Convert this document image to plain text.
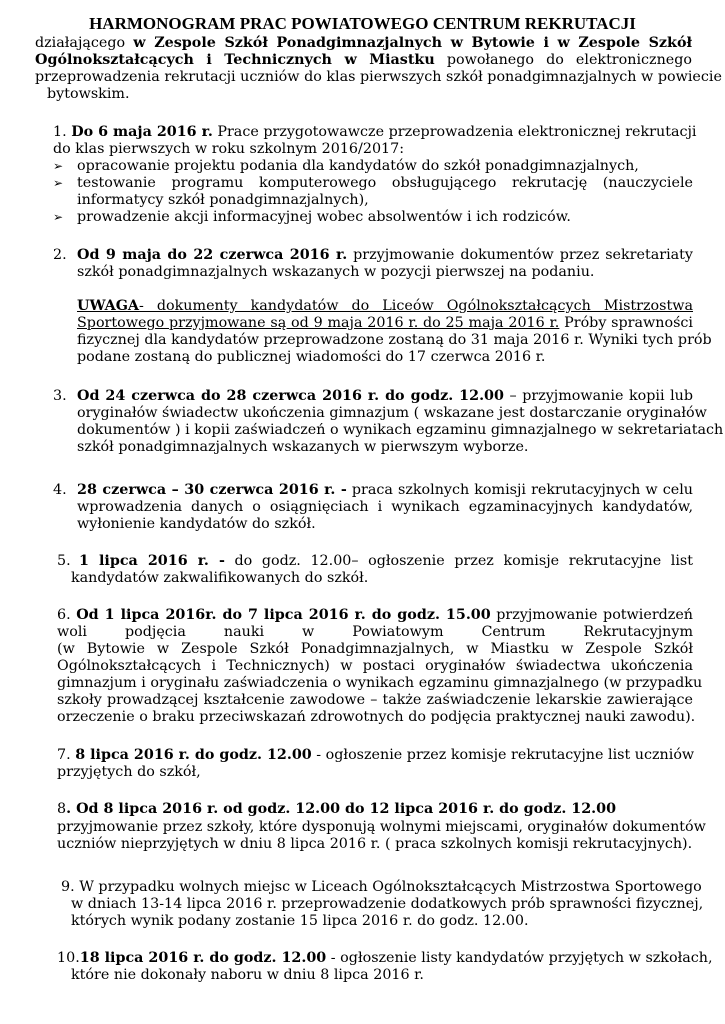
HARMONOGRAM PRAC POWIATOWEGO CENTRUM REKRUTACJI
działającego w Zespole Szkół Ponadgimnazjalnych w Bytowie i w Zespole Szkół
Ogólnokształcących i Technicznych w Miastku powołanego do elektronicznego
przeprowadzenia rekrutacji uczniów do klas pierwszych szkół ponadgimnazjalnych w powiecie
bytowskim.
1. Do 6 maja 2016 r. Prace przygotowawcze przeprowadzenia elektronicznej rekrutacji
do klas pierwszych w roku szkolnym 2016/2017:
➢ opracowanie projektu podania dla kandydatów do szkół ponadgimnazjalnych,
➢ testowanie programu komputerowego obsługującego rekrutację (nauczyciele
informatycy szkół ponadgimnazjalnych),
➢ prowadzenie akcji informacyjnej wobec absolwentów i ich rodziców.
2. Od 9 maja do 22 czerwca 2016 r. przyjmowanie dokumentów przez sekretariaty
szkół ponadgimnazjalnych wskazanych w pozycji pierwszej na podaniu.
UWAGA- dokumenty kandydatów do Liceów Ogólnokształcących Mistrzostwa
Sportowego przyjmowane są od 9 maja 2016 r. do 25 maja 2016 r. Próby sprawności
fizycznej dla kandydatów przeprowadzone zostaną do 31 maja 2016 r. Wyniki tych prób
podane zostaną do publicznej wiadomości do 17 czerwca 2016 r.
3. Od 24 czerwca do 28 czerwca 2016 r. do godz. 12.00 – przyjmowanie kopii lub
oryginałów świadectw ukończenia gimnazjum ( wskazane jest dostarczanie oryginałów
dokumentów ) i kopii zaświadczeń o wynikach egzaminu gimnazjalnego w sekretariatach
szkół ponadgimnazjalnych wskazanych w pierwszym wyborze.
4. 28 czerwca – 30 czerwca 2016 r. - praca szkolnych komisji rekrutacyjnych w celu
wprowadzenia danych o osiągnięciach i wynikach egzaminacyjnych kandydatów,
wyłonienie kandydatów do szkół.
5. 1 lipca 2016 r. - do godz. 12.00– ogłoszenie przez komisje rekrutacyjne list
kandydatów zakwalifikowanych do szkół.
6. Od 1 lipca 2016r. do 7 lipca 2016 r. do godz. 15.00 przyjmowanie potwierdzeń
woli podjęcia nauki w Powiatowym Centrum Rekrutacyjnym
(w Bytowie w Zespole Szkół Ponadgimnazjalnych, w Miastku w Zespole Szkół
Ogólnokształcących i Technicznych) w postaci oryginałów świadectwa ukończenia
gimnazjum i oryginału zaświadczenia o wynikach egzaminu gimnazjalnego (w przypadku
szkoły prowadzącej kształcenie zawodowe – także zaświadczenie lekarskie zawierające
orzeczenie o braku przeciwskazań zdrowotnych do podjęcia praktycznej nauki zawodu).
7. 8 lipca 2016 r. do godz. 12.00 - ogłoszenie przez komisje rekrutacyjne list uczniów
przyjętych do szkół,
8. Od 8 lipca 2016 r. od godz. 12.00 do 12 lipca 2016 r. do godz. 12.00
przyjmowanie przez szkoły, które dysponują wolnymi miejscami, oryginałów dokumentów
uczniów nieprzyjętych w dniu 8 lipca 2016 r. ( praca szkolnych komisji rekrutacyjnych).
9. W przypadku wolnych miejsc w Liceach Ogólnokształcących Mistrzostwa Sportowego
w dniach 13-14 lipca 2016 r. przeprowadzenie dodatkowych prób sprawności fizycznej,
których wynik podany zostanie 15 lipca 2016 r. do godz. 12.00.
10.18 lipca 2016 r. do godz. 12.00 - ogłoszenie listy kandydatów przyjętych w szkołach,
które nie dokonały naboru w dniu 8 lipca 2016 r.
